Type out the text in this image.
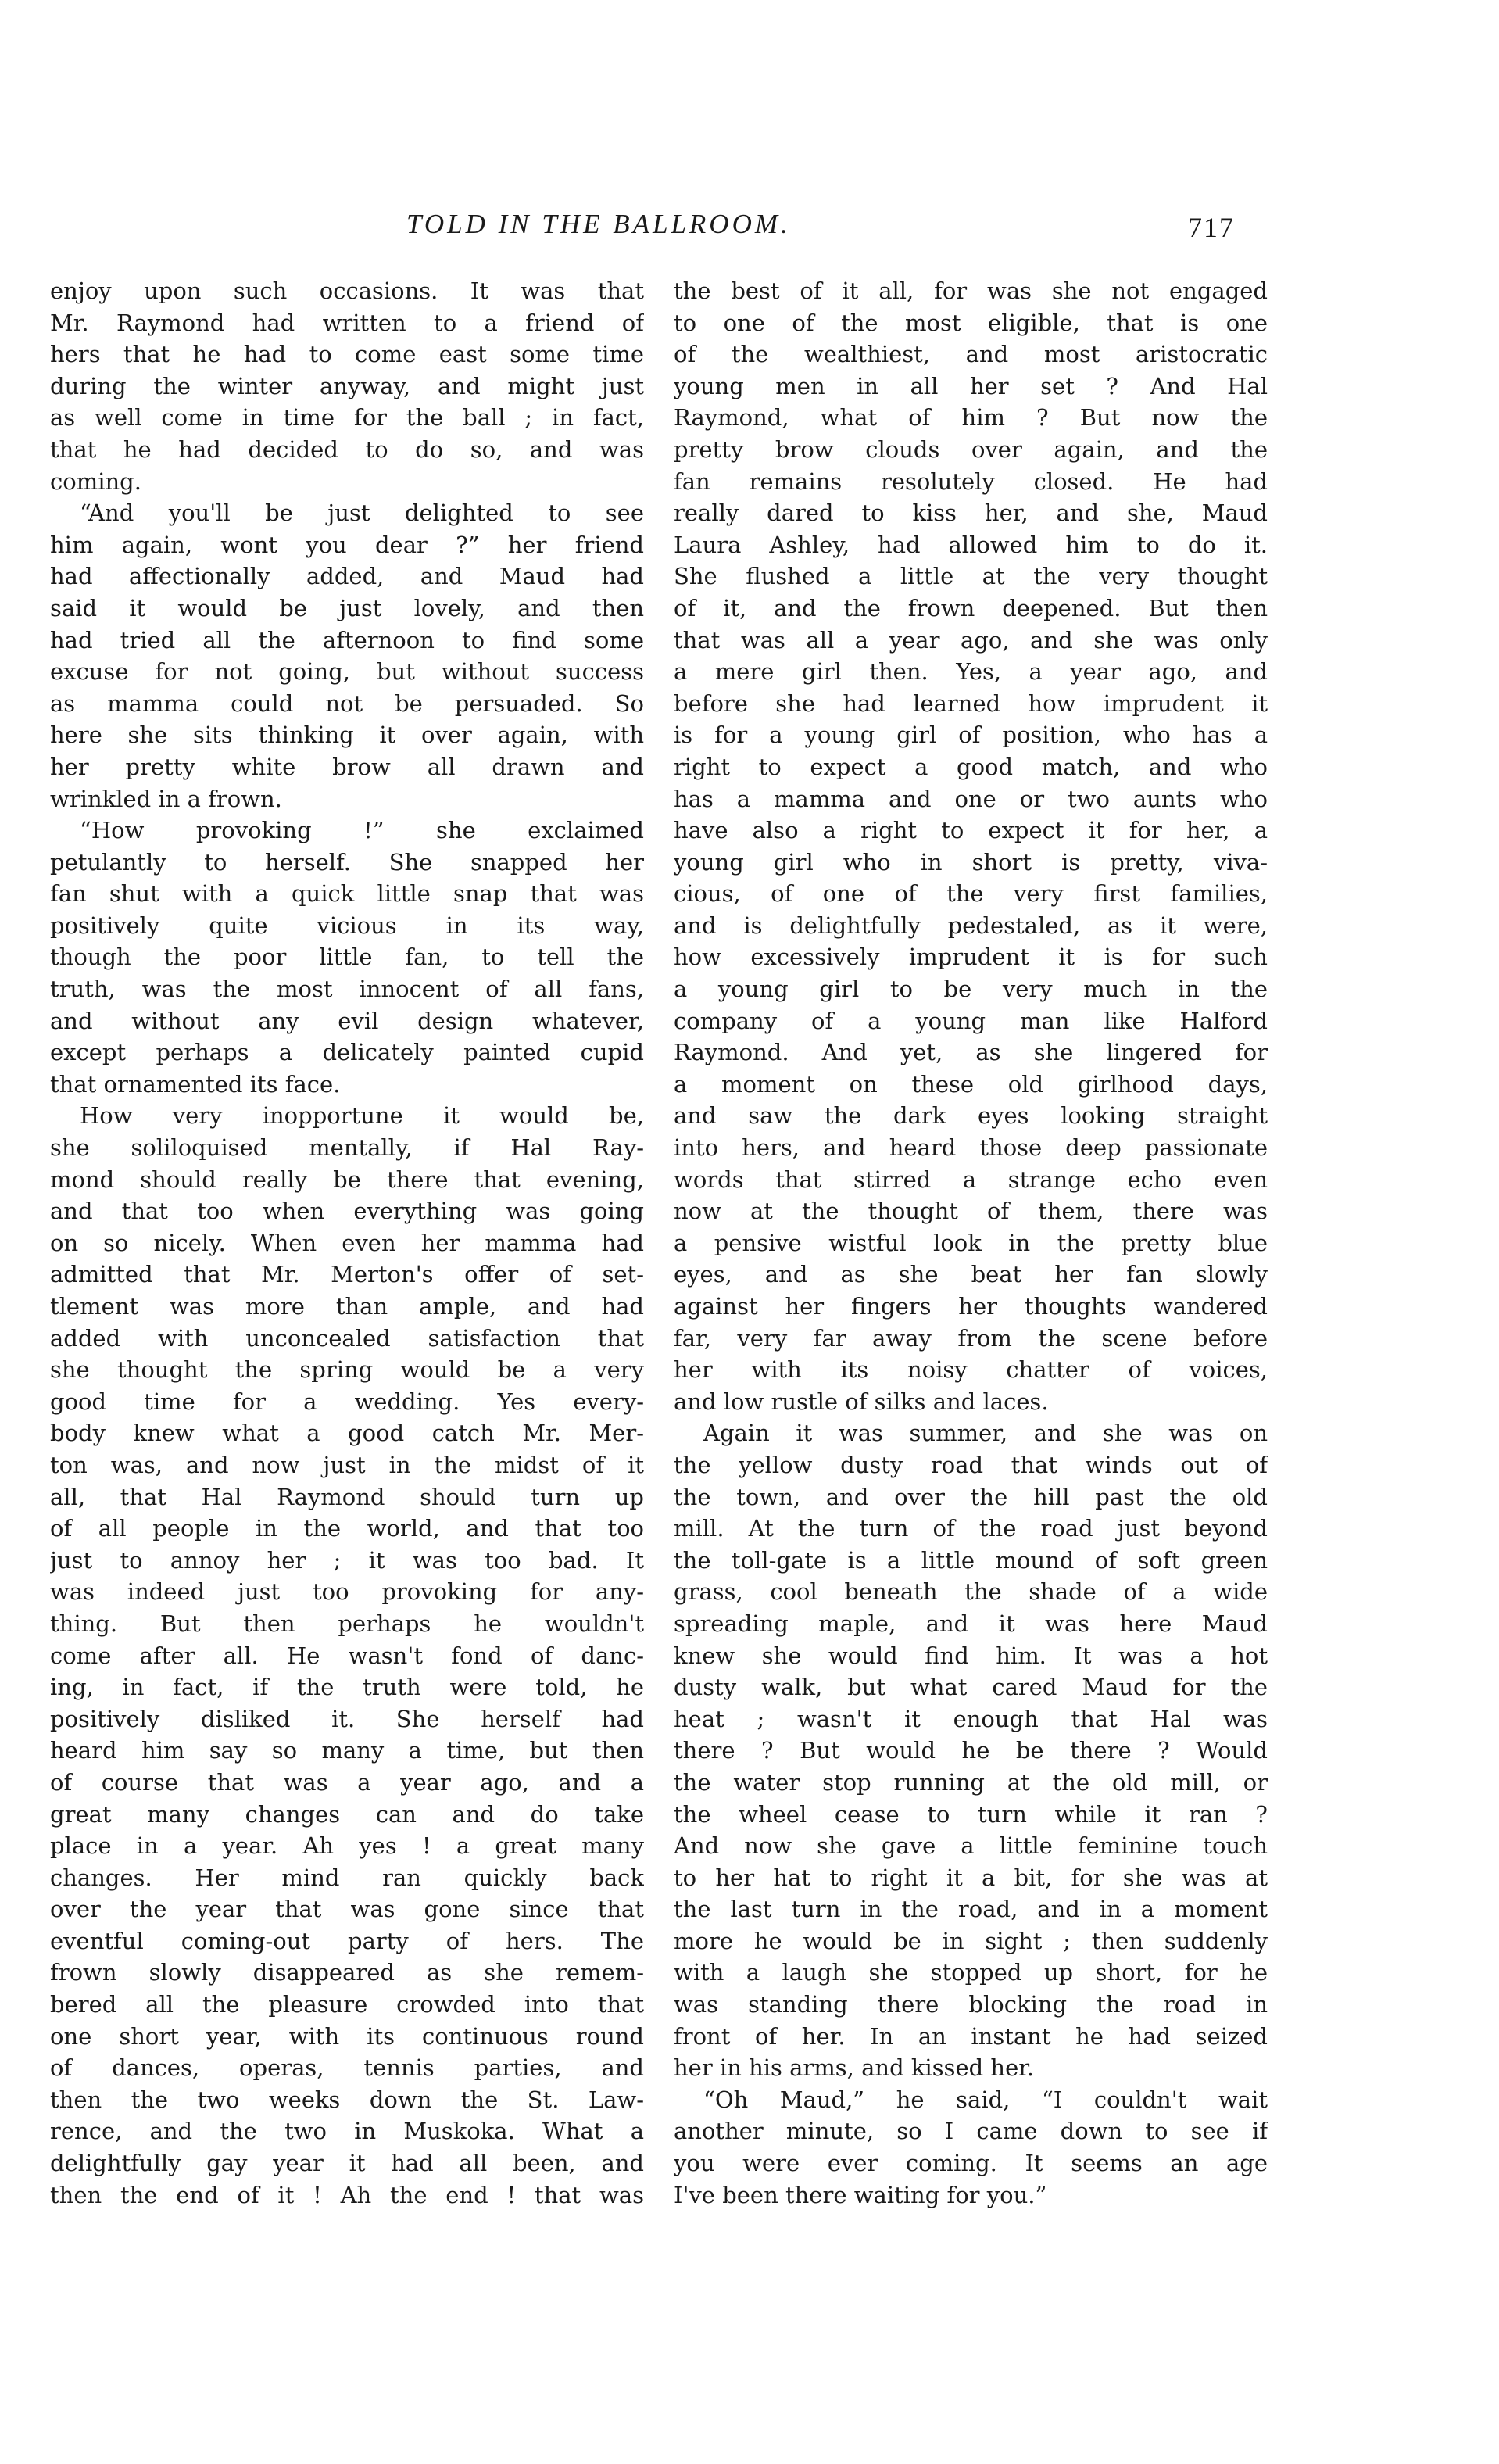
TOLD IN THE BALLROOM.	717
enjoy upon such occasions. It was that
Mr. Raymond had written to a friend of
hers that he had to come east some time
during the winter anyway, and might just
as well come in time for the ball ; in fact,
that he had decided to do so, and was
coming.
“And you'll be just delighted to see
him again, wont you dear ?” her friend
had affectionally added, and Maud had
said it would be just lovely, and then
had tried all the afternoon to find some
excuse for not going, but without success
as mamma could not be persuaded. So
here she sits thinking it over again, with
her pretty white brow all drawn and
wrinkled in a frown.
“How provoking !” she exclaimed
petulantly to herself. She snapped her
fan shut with a quick little snap that was
positively quite vicious in its way,
though the poor little fan, to tell the
truth, was the most innocent of all fans,
and without any evil design whatever,
except perhaps a delicately painted cupid
that ornamented its face.
How very inopportune it would be,
she soliloquised mentally, if Hal Ray-
mond should really be there that evening,
and that too when everything was going
on so nicely. When even her mamma had
admitted that Mr. Merton's offer of set-
tlement was more than ample, and had
added with unconcealed satisfaction that
she thought the spring would be a very
good time for a wedding. Yes every-
body knew what a good catch Mr. Mer-
ton was, and now just in the midst of it
all, that Hal Raymond should turn up
of all people in the world, and that too
just to annoy her ; it was too bad. It
was indeed just too provoking for any-
thing. But then perhaps he wouldn't
come after all. He wasn't fond of danc-
ing, in fact, if the truth were told, he
positively disliked it. She herself had
heard him say so many a time, but then
of course that was a year ago, and a
great many changes can and do take
place in a year. Ah yes ! a great many
changes. Her mind ran quickly back
over the year that was gone since that
eventful coming-out party of hers. The
frown slowly disappeared as she remem-
bered all the pleasure crowded into that
one short year, with its continuous round
of dances, operas, tennis parties, and
then the two weeks down the St. Law-
rence, and the two in Muskoka. What a
delightfully gay year it had all been, and
then the end of it ! Ah the end ! that was
the best of it all, for was she not engaged
to one of the most eligible, that is one
of the wealthiest, and most aristocratic
young men in all her set ? And Hal
Raymond, what of him ? But now the
pretty brow clouds over again, and the
fan remains resolutely closed. He had
really dared to kiss her, and she, Maud
Laura Ashley, had allowed him to do it.
She flushed a little at the very thought
of it, and the frown deepened. But then
that was all a year ago, and she was only
a mere girl then. Yes, a year ago, and
before she had learned how imprudent it
is for a young girl of position, who has a
right to expect a good match, and who
has a mamma and one or two aunts who
have also a right to expect it for her, a
young girl who in short is pretty, viva-
cious, of one of the very first families,
and is delightfully pedestaled, as it were,
how excessively imprudent it is for such
a young girl to be very much in the
company of a young man like Halford
Raymond. And yet, as she lingered for
a moment on these old girlhood days,
and saw the dark eyes looking straight
into hers, and heard those deep passionate
words that stirred a strange echo even
now at the thought of them, there was
a pensive wistful look in the pretty blue
eyes, and as she beat her fan slowly
against her fingers her thoughts wandered
far, very far away from the scene before
her with its noisy chatter of voices,
and low rustle of silks and laces.
Again it was summer, and she was on
the yellow dusty road that winds out of
the town, and over the hill past the old
mill. At the turn of the road just beyond
the toll-gate is a little mound of soft green
grass, cool beneath the shade of a wide
spreading maple, and it was here Maud
knew she would find him. It was a hot
dusty walk, but what cared Maud for the
heat ; wasn't it enough that Hal was
there ? But would he be there ? Would
the water stop running at the old mill, or
the wheel cease to turn while it ran ?
And now she gave a little feminine touch
to her hat to right it a bit, for she was at
the last turn in the road, and in a moment
more he would be in sight ; then suddenly
with a laugh she stopped up short, for he
was standing there blocking the road in
front of her. In an instant he had seized
her in his arms, and kissed her.
“Oh Maud,” he said, “I couldn't wait
another minute, so I came down to see if
you were ever coming. It seems an age
I've been there waiting for you.”
